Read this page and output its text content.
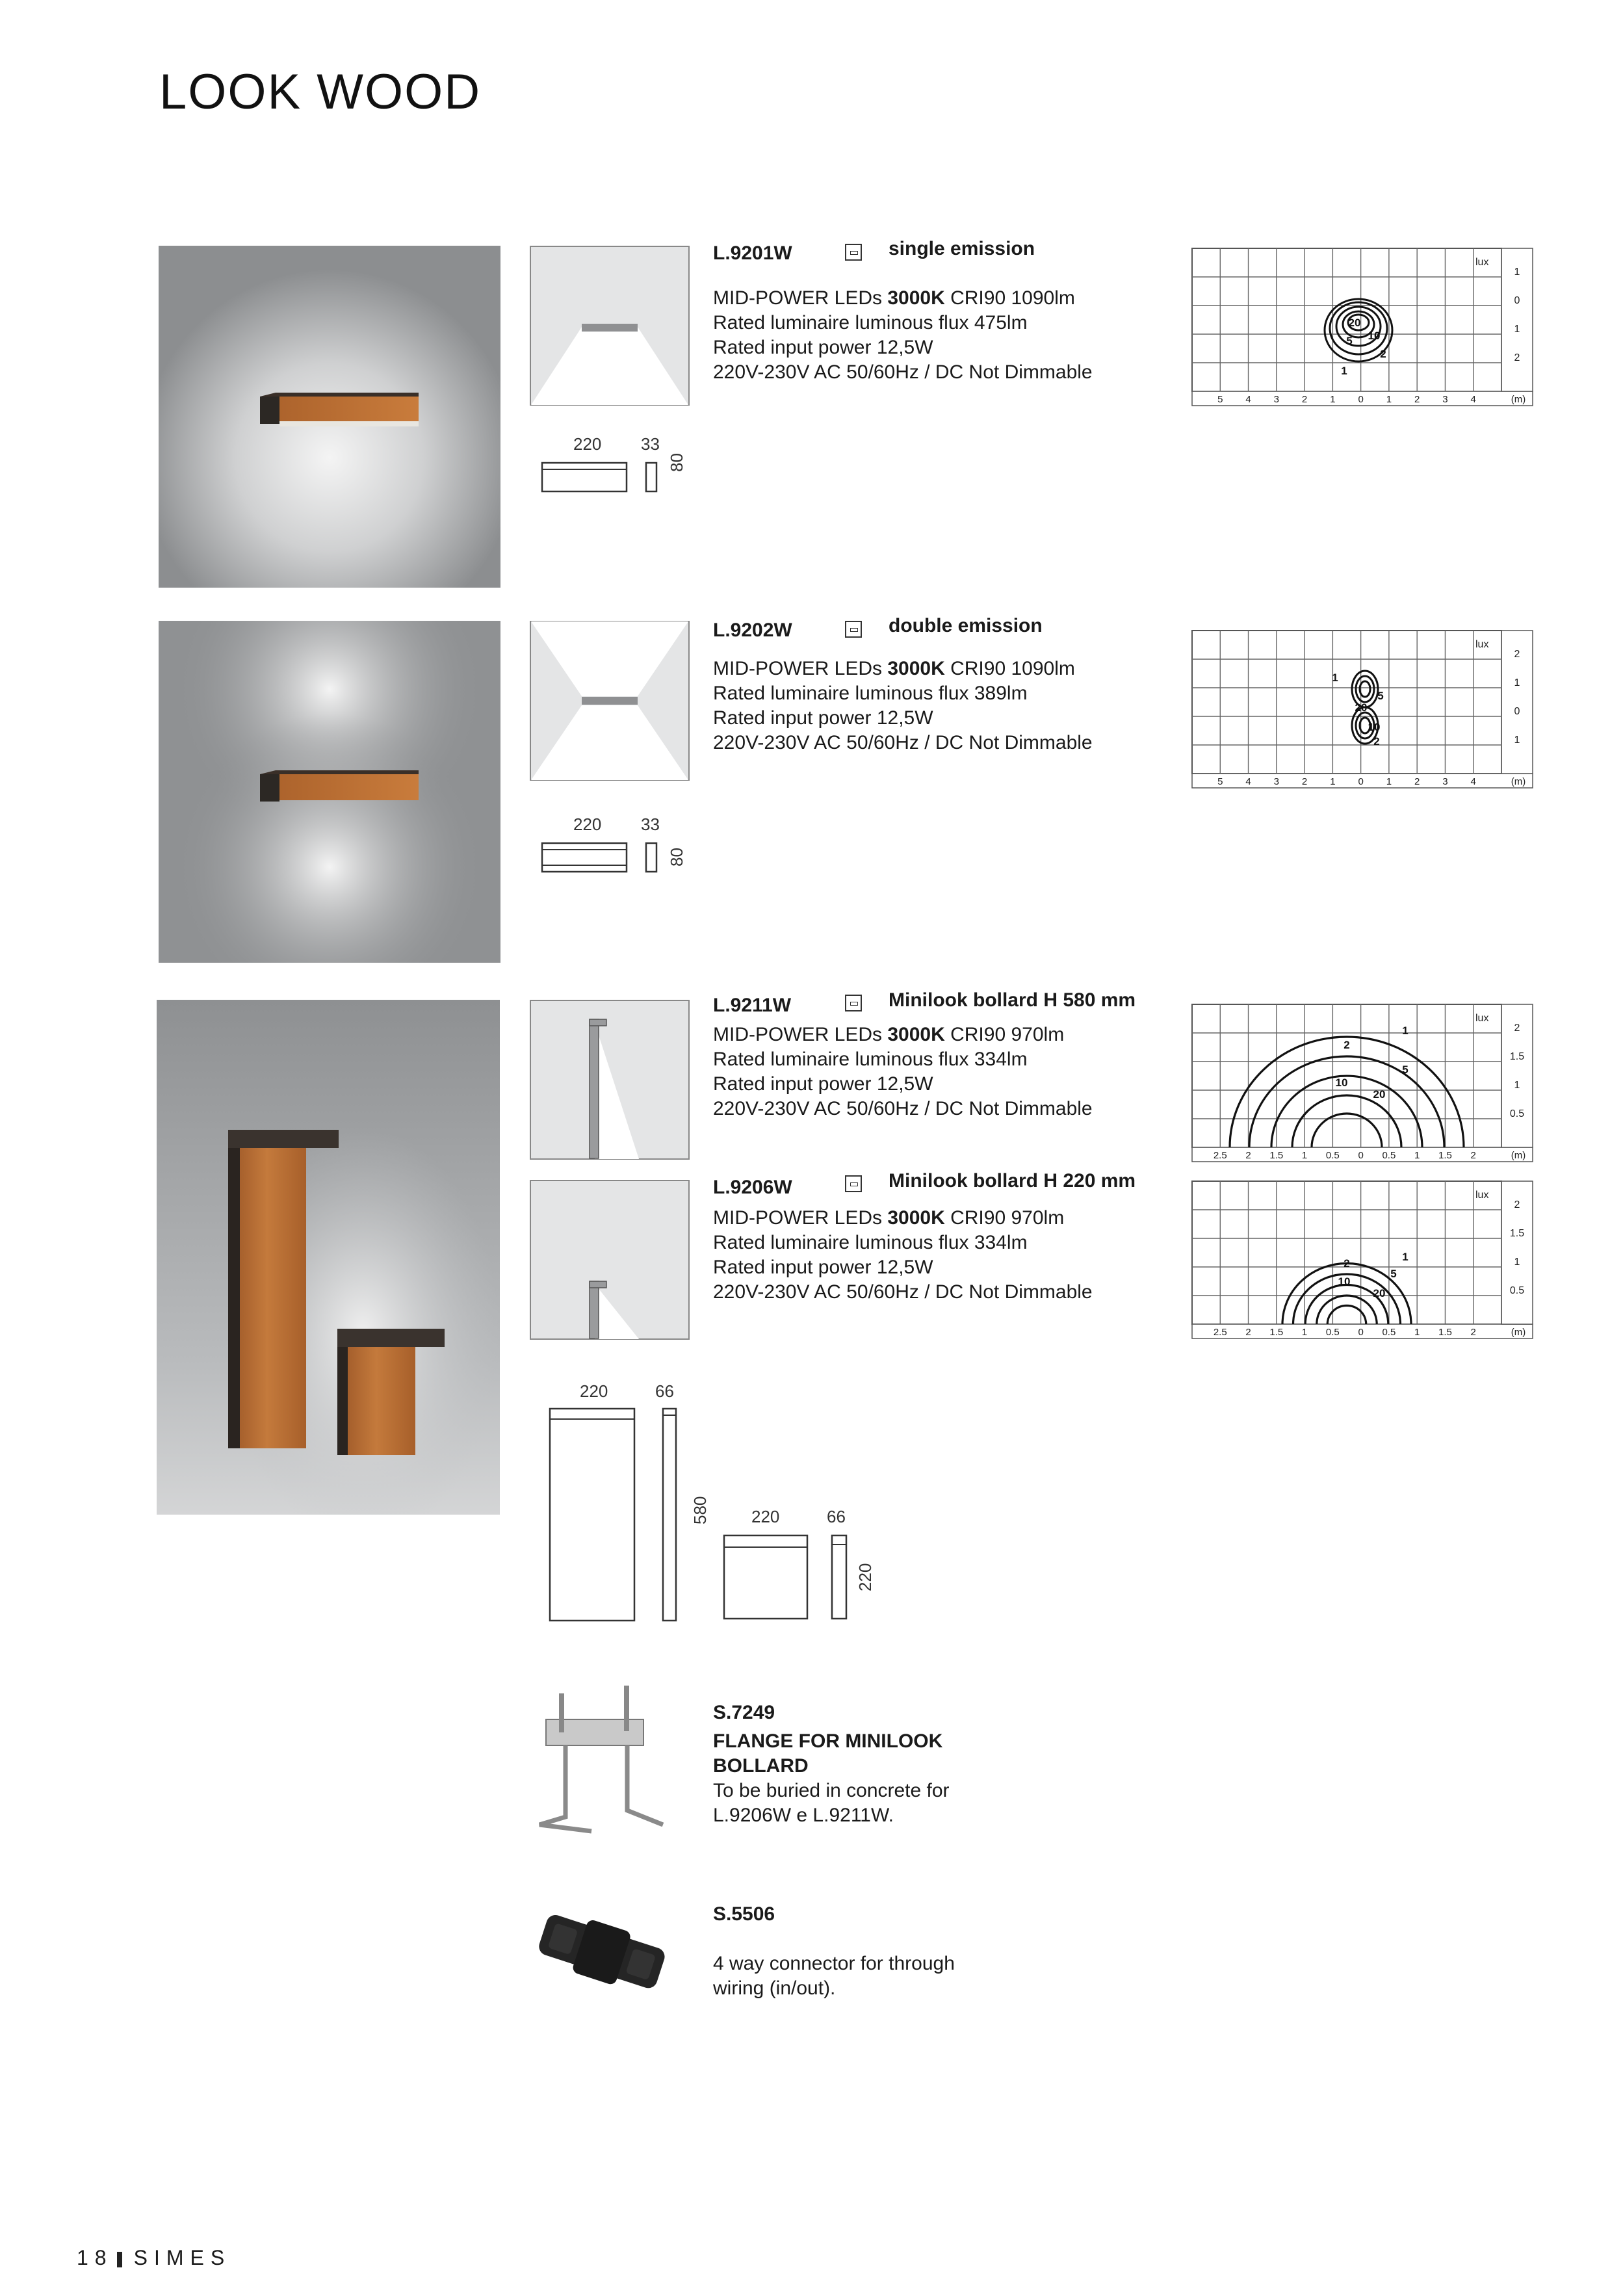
LOOK WOOD
L.9201W	single emission
MID-POWER LEDs 3000K CRI90 1090lm
Rated luminaire luminous flux 475lm
Rated input power 12,5W
220V-230V AC 50/60Hz / DC Not Dimmable
220 33
80
5 4 3 2 1 0 1 2 3 4	(m)
1
0
1
2
lux
20
10
5
2
1
L.9202W	double emission
MID-POWER LEDs 3000K CRI90 1090lm
Rated luminaire luminous flux 389lm
Rated input power 12,5W
220V-230V AC 50/60Hz / DC Not Dimmable
220 33
80
5 4 3 2 1 0 1 2 3 4	(m)
2
1
0
1
lux
1
5
20
10
2
L.9211W	Minilook bollard H 580 mm
MID-POWER LEDs 3000K CRI90 970lm
Rated luminaire luminous flux 334lm
Rated input power 12,5W
220V-230V AC 50/60Hz / DC Not Dimmable
2.5 2 1.5 1 0.5 0 0.5 1 1.5 2	(m)
2
1.5
1
0.5
lux
1
2
5
10
20
L.9206W	Minilook bollard H 220 mm
MID-POWER LEDs 3000K CRI90 970lm
Rated luminaire luminous flux 334lm
Rated input power 12,5W
220V-230V AC 50/60Hz / DC Not Dimmable
2.5 2 1.5 1 0.5 0 0.5 1 1.5 2	(m)
2
1.5
1
0.5
lux
1
2
5
10
20
220	66
580 220	66
220
S.7249
FLANGE FOR MINILOOK
BOLLARD
To be buried in concrete for
L.9206W e L.9211W.
S.5506
4 way connector for through
wiring (in/out).
18 SIMES
